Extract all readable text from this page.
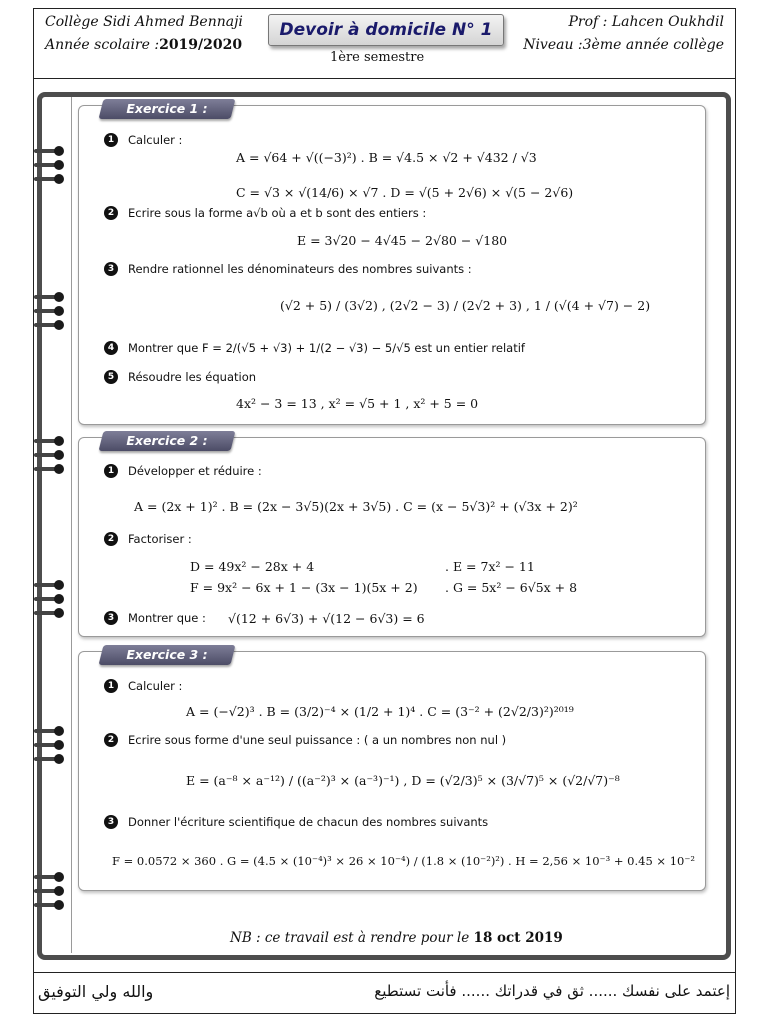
Collège Sidi Ahmed Bennaji
Année scolaire :2019/2020
Devoir à domicile N° 1
1ère semestre
Prof : Lahcen Oukhdil
Niveau :3ème année collège
Exercice 1 :
Exercice 2 :
Exercice 3 :
1	Calculer :
A = √64 + √((−3)²) . B = √4.5 × √2 + √432 / √3
C = √3 × √(14/6) × √7 . D = √(5 + 2√6) × √(5 − 2√6)
2	Ecrire sous la forme a√b où a et b sont des entiers :
E = 3√20 − 4√45 − 2√80 − √180
3	Rendre rationnel les dénominateurs des nombres suivants :
(√2 + 5) / (3√2) , (2√2 − 3) / (2√2 + 3) , 1 / (√(4 + √7) − 2)
4	Montrer que F = 2/(√5 + √3) + 1/(2 − √3) − 5/√5 est un entier relatif
5	Résoudre les équation
4x² − 3 = 13 , x² = √5 + 1 , x² + 5 = 0
1	Développer et réduire :
A = (2x + 1)² . B = (2x − 3√5)(2x + 3√5) . C = (x − 5√3)² + (√3x + 2)²
2	Factoriser :
D = 49x² − 28x + 4	. E = 7x² − 11
F = 9x² − 6x + 1 − (3x − 1)(5x + 2) . G = 5x² − 6√5x + 8
3	Montrer que : √(12 + 6√3) + √(12 − 6√3) = 6
1	Calculer :
A = (−√2)³ . B = (3/2)⁻⁴ × (1/2 + 1)⁴ . C = (3⁻² + (2√2/3)²)²⁰¹⁹
2	Ecrire sous forme d'une seul puissance : ( a un nombres non nul )
E = (a⁻⁸ × a⁻¹²) / ((a⁻²)³ × (a⁻³)⁻¹) , D = (√2/3)⁵ × (3/√7)⁵ × (√2/√7)⁻⁸
3	Donner l'écriture scientifique de chacun des nombres suivants
F = 0.0572 × 360 . G = (4.5 × (10⁻⁴)³ × 26 × 10⁻⁴) / (1.8 × (10⁻²)²) . H = 2,56 × 10⁻³ + 0.45 × 10⁻²
NB : ce travail est à rendre pour le 18 oct 2019
والله ولي التوفيق	إعتمد على نفسك ...... ثق في قدراتك ...... فأنت تستطيع
